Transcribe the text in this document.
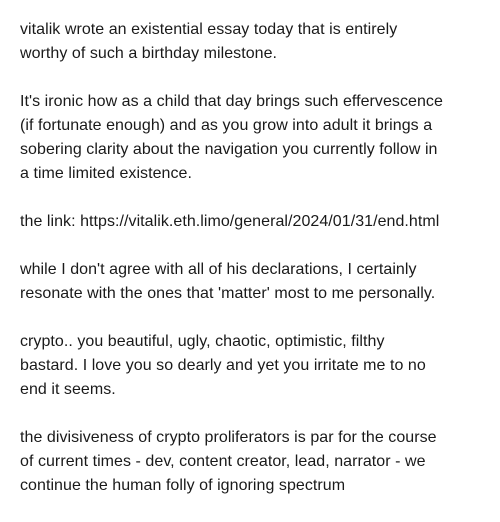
vitalik wrote an existential essay today that is entirely
worthy of such a birthday milestone.

It's ironic how as a child that day brings such effervescence
(if fortunate enough) and as you grow into adult it brings a
sobering clarity about the navigation you currently follow in
a time limited existence.

the link: https://vitalik.eth.limo/general/2024/01/31/end.html

while I don't agree with all of his declarations, I certainly
resonate with the ones that 'matter' most to me personally.

crypto.. you beautiful, ugly, chaotic, optimistic, filthy
bastard. I love you so dearly and yet you irritate me to no
end it seems.

the divisiveness of crypto proliferators is par for the course
of current times - dev, content creator, lead, narrator - we
continue the human folly of ignoring spectrum
